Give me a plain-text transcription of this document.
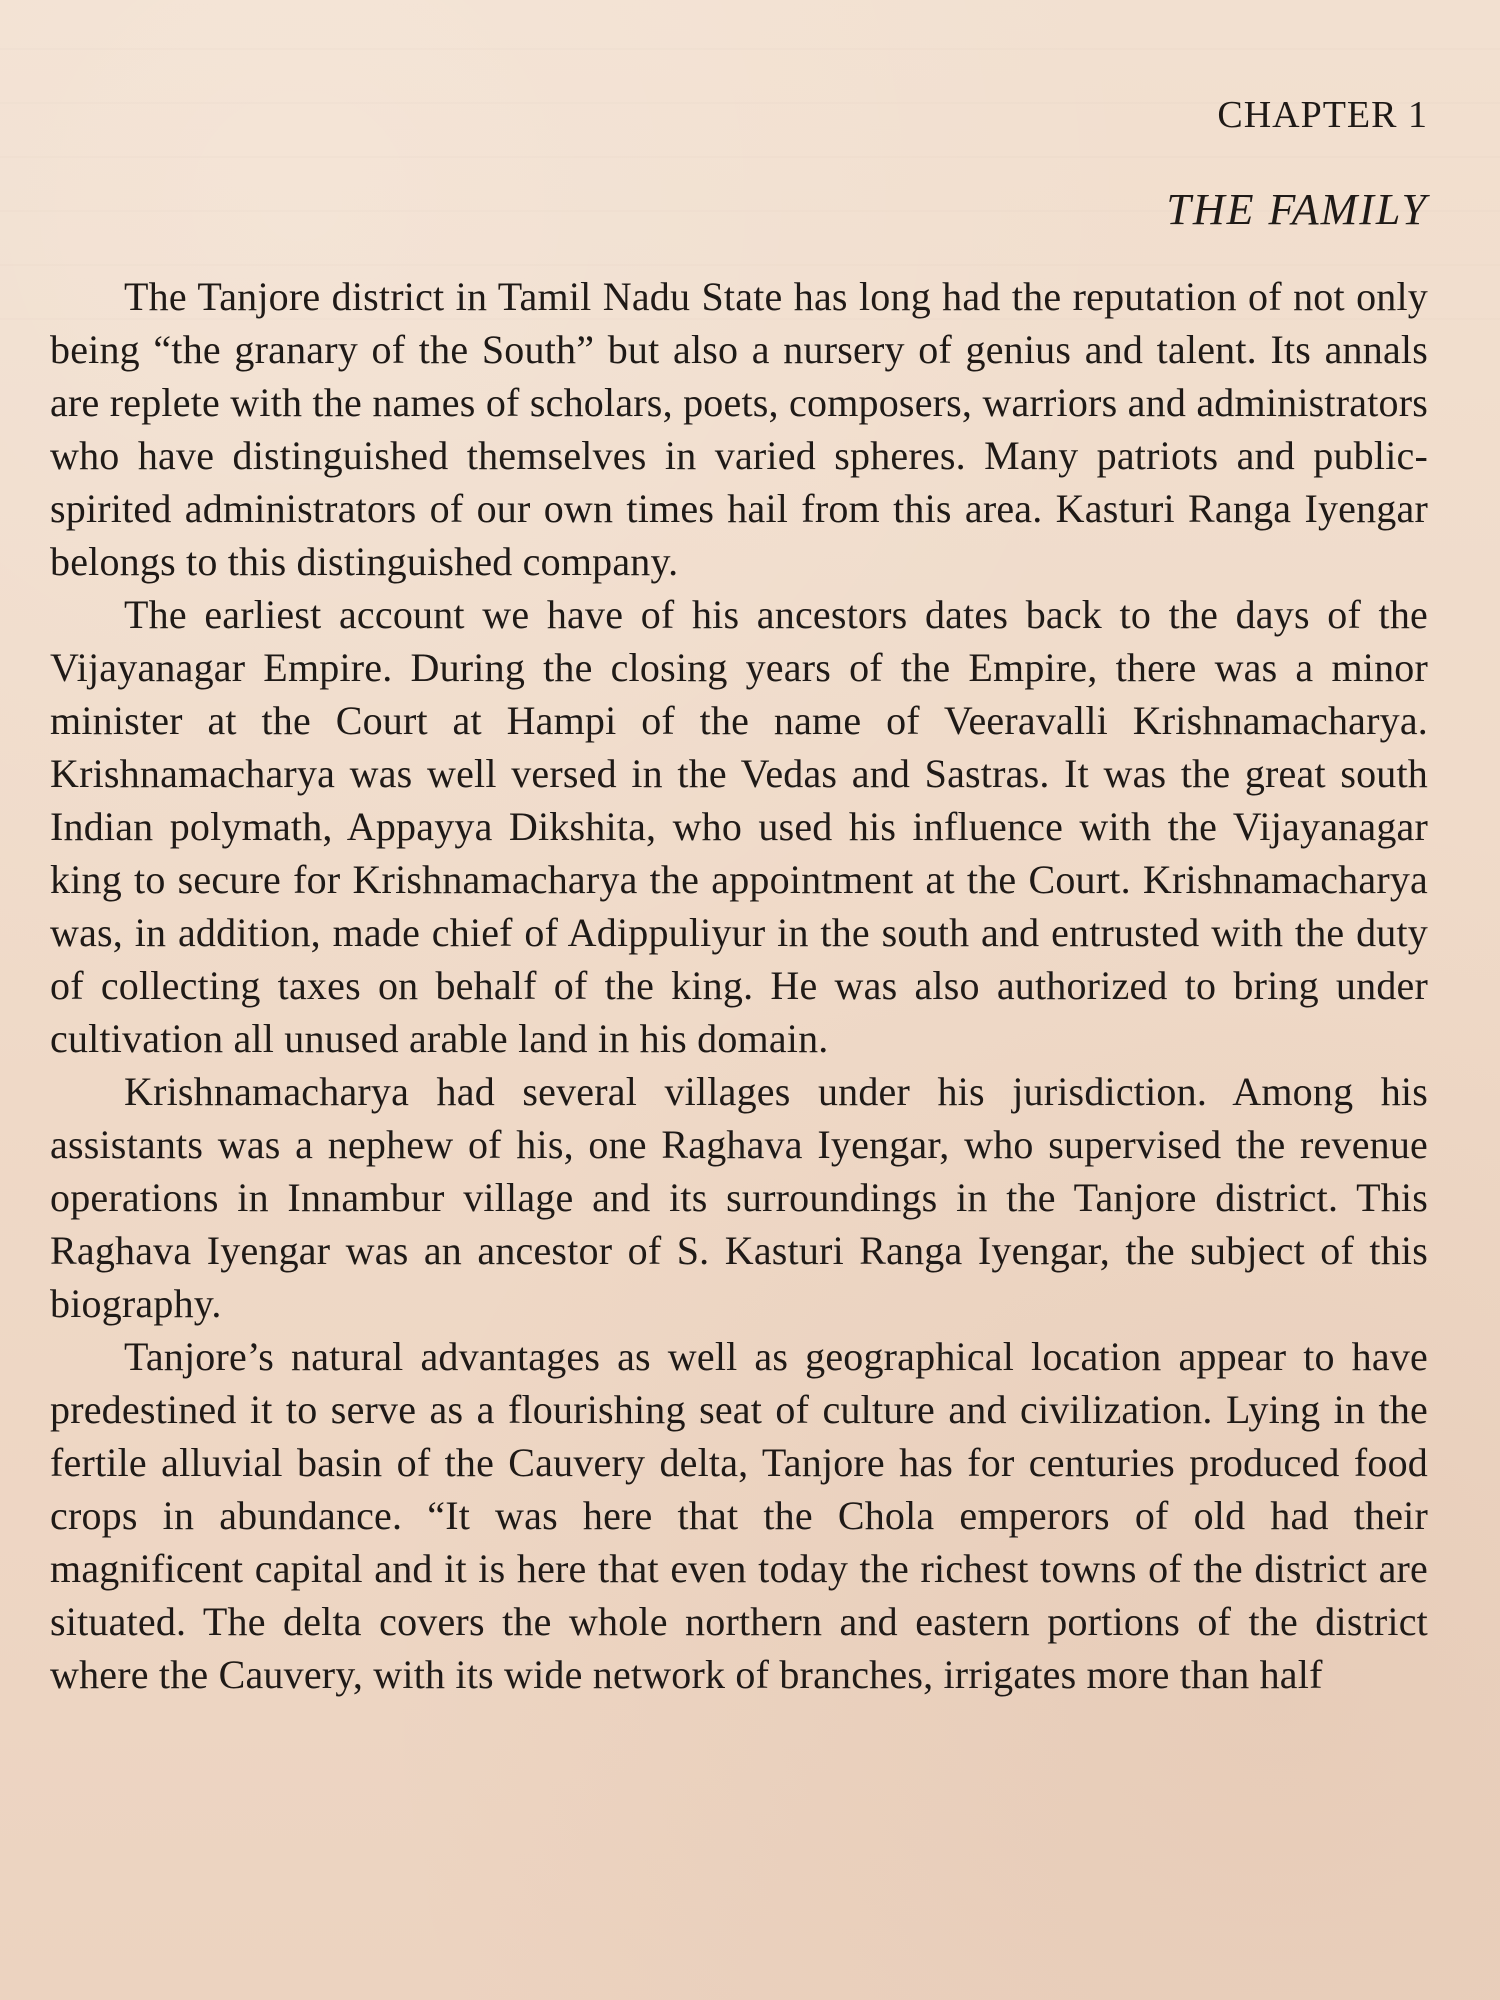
CHAPTER 1
THE FAMILY

The Tanjore district in Tamil Nadu State has long had the reputation of not only being “the granary of the South” but also a nursery of genius and talent. Its annals are replete with the names of scholars, poets, composers, warriors and administrators who have distinguished themselves in varied spheres. Many patriots and public-spirited administrators of our own times hail from this area. Kasturi Ranga Iyengar belongs to this distinguished company.

The earliest account we have of his ancestors dates back to the days of the Vijayanagar Empire. During the closing years of the Empire, there was a minor minister at the Court at Hampi of the name of Veeravalli Krishnamacharya. Krishnamacharya was well versed in the Vedas and Sastras. It was the great south Indian polymath, Appayya Dikshita, who used his influence with the Vijayanagar king to secure for Krishnamacharya the appointment at the Court. Krishnamacharya was, in addition, made chief of Adippuliyur in the south and entrusted with the duty of collecting taxes on behalf of the king. He was also authorized to bring under cultivation all unused arable land in his domain.

Krishnamacharya had several villages under his jurisdiction. Among his assistants was a nephew of his, one Raghava Iyengar, who supervised the revenue operations in Innambur village and its surroundings in the Tanjore district. This Raghava Iyengar was an ancestor of S. Kasturi Ranga Iyengar, the subject of this biography.

Tanjore’s natural advantages as well as geographical location appear to have predestined it to serve as a flourishing seat of culture and civilization. Lying in the fertile alluvial basin of the Cauvery delta, Tanjore has for centuries produced food crops in abundance. “It was here that the Chola emperors of old had their magnificent capital and it is here that even today the richest towns of the district are situated. The delta covers the whole northern and eastern portions of the district where the Cauvery, with its wide network of branches, irrigates more than half
